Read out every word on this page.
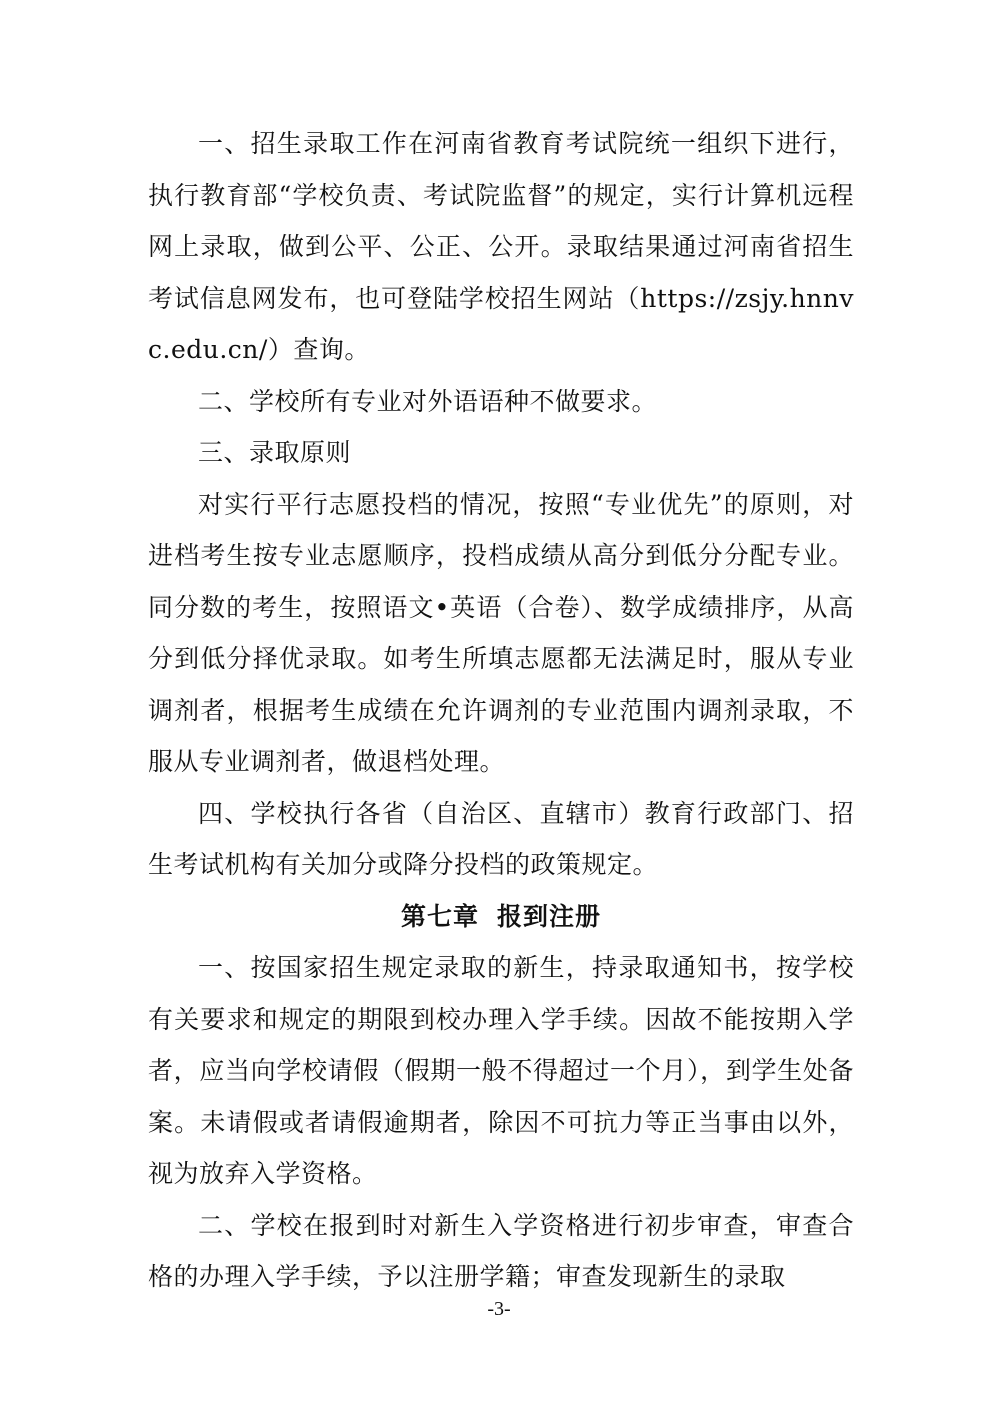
一、招生录取工作在河南省教育考试院统一组织下进行，执行教育部“学校负责、考试院监督”的规定，实行计算机远程网上录取，做到公平、公正、公开。录取结果通过河南省招生考试信息网发布，也可登陆学校招生网站（https://zsjy.hnnvc.edu.cn/）查询。

二、学校所有专业对外语语种不做要求。

三、录取原则

对实行平行志愿投档的情况，按照“专业优先”的原则，对进档考生按专业志愿顺序，投档成绩从高分到低分分配专业。同分数的考生，按照语文•英语（合卷）、数学成绩排序，从高分到低分择优录取。如考生所填志愿都无法满足时，服从专业调剂者，根据考生成绩在允许调剂的专业范围内调剂录取，不服从专业调剂者，做退档处理。

四、学校执行各省（自治区、直辖市）教育行政部门、招生考试机构有关加分或降分投档的政策规定。

第七章 报到注册

一、按国家招生规定录取的新生，持录取通知书，按学校有关要求和规定的期限到校办理入学手续。因故不能按期入学者，应当向学校请假（假期一般不得超过一个月），到学生处备案。未请假或者请假逾期者，除因不可抗力等正当事由以外，视为放弃入学资格。

二、学校在报到时对新生入学资格进行初步审查，审查合格的办理入学手续，予以注册学籍；审查发现新生的录取

-3-
